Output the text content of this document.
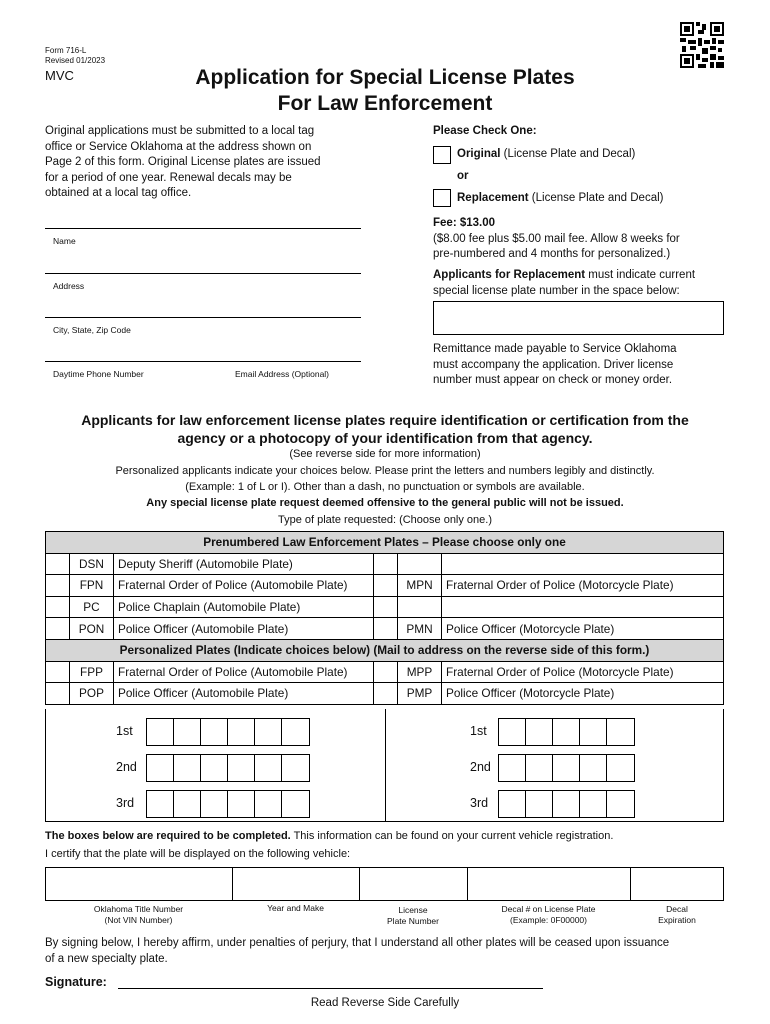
Form 716-L
Revised 01/2023
MVC	Application for Special License Plates
For Law Enforcement
Original applications must be submitted to a local tag
office or Service Oklahoma at the address shown on
Page 2 of this form. Original License plates are issued
for a period of one year. Renewal decals may be
obtained at a local tag office.
Name
Address
City, State, Zip Code
Daytime Phone Number	Email Address (Optional)
Please Check One:
Original (License Plate and Decal)
or
Replacement (License Plate and Decal)
Fee: $13.00
($8.00 fee plus $5.00 mail fee. Allow 8 weeks for
pre-numbered and 4 months for personalized.)
Applicants for Replacement must indicate current
special license plate number in the space below:
Remittance made payable to Service Oklahoma
must accompany the application. Driver license
number must appear on check or money order.
Applicants for law enforcement license plates require identification or certification from the
agency or a photocopy of your identification from that agency.
(See reverse side for more information)
Personalized applicants indicate your choices below. Please print the letters and numbers legibly and distinctly.
(Example: 1 of L or I). Other than a dash, no punctuation or symbols are available.
Any special license plate request deemed offensive to the general public will not be issued.
Type of plate requested: (Choose only one.)
Prenumbered Law Enforcement Plates – Please choose only one					
	DSN	Deputy Sheriff (Automobile Plate)			
	FPN	Fraternal Order of Police (Automobile Plate)		MPN	Fraternal Order of Police (Motorcycle Plate)
	PC	Police Chaplain (Automobile Plate)			
	PON	Police Officer (Automobile Plate)		PMN	Police Officer (Motorcycle Plate)
Personalized Plates (Indicate choices below) (Mail to address on the reverse side of this form.)					
	FPP	Fraternal Order of Police (Automobile Plate)		MPP	Fraternal Order of Police (Motorcycle Plate)
	POP	Police Officer (Automobile Plate)		PMP	Police Officer (Motorcycle Plate)
1st
2nd
3rd
1st
2nd
3rd
The boxes below are required to be completed. This information can be found on your current vehicle registration.
I certify that the plate will be displayed on the following vehicle:
Oklahoma Title Number
(Not VIN Number)
Year and Make	License
Plate Number
Decal # on License Plate
(Example: 0F00000)
Decal
Expiration
By signing below, I hereby affirm, under penalties of perjury, that I understand all other plates will be ceased upon issuance
of a new specialty plate.
Signature:
Read Reverse Side Carefully
